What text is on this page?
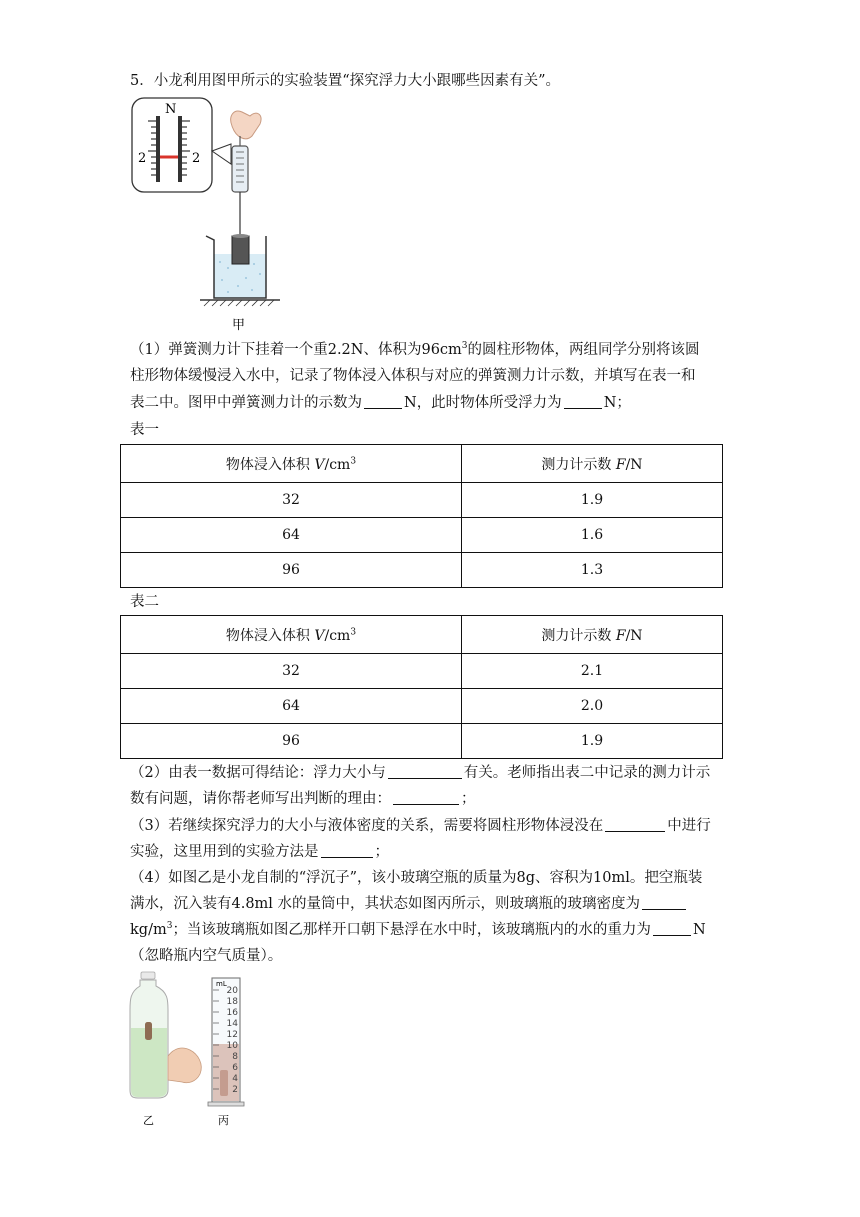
5．小龙利用图甲所示的实验装置“探究浮力大小跟哪些因素有关”。
N
2	2
甲
（1）弹簧测力计下挂着一个重2.2N、体积为$96cm^3$的圆柱形物体，两组同学分别将该圆
柱形物体缓慢浸入水中，记录了物体浸入体积与对应的弹簧测力计示数，并填写在表一和
表二中。图甲中弹簧测力计的示数为	N，此时物体所受浮力为	N；
表一
物体浸入体积 $V/cm^3$	测力计示数 F/N
32	1.9
64	1.6
96	1.3
表二
物体浸入体积 $V/cm^3$	测力计示数 F/N
32	2.1
64	2.0
96	1.9
（2）由表一数据可得结论：浮力大小与	有关。老师指出表二中记录的测力计示
数有问题，请你帮老师写出判断的理由：	；
（3）若继续探究浮力的大小与液体密度的关系，需要将圆柱形物体浸没在	中进行
实验，这里用到的实验方法是	；
（4）如图乙是小龙自制的“浮沉子”，该小玻璃空瓶的质量为8g、容积为10ml。把空瓶装
满水，沉入装有4.8ml 水的量筒中，其状态如图丙所示，则玻璃瓶的玻璃密度为
$kg/m^3$；当该玻璃瓶如图乙那样开口朝下悬浮在水中时，该玻璃瓶内的水的重力为	N
（忽略瓶内空气质量）。
乙
mL
20
18
16
14
12
10
8
6
4
2
丙
